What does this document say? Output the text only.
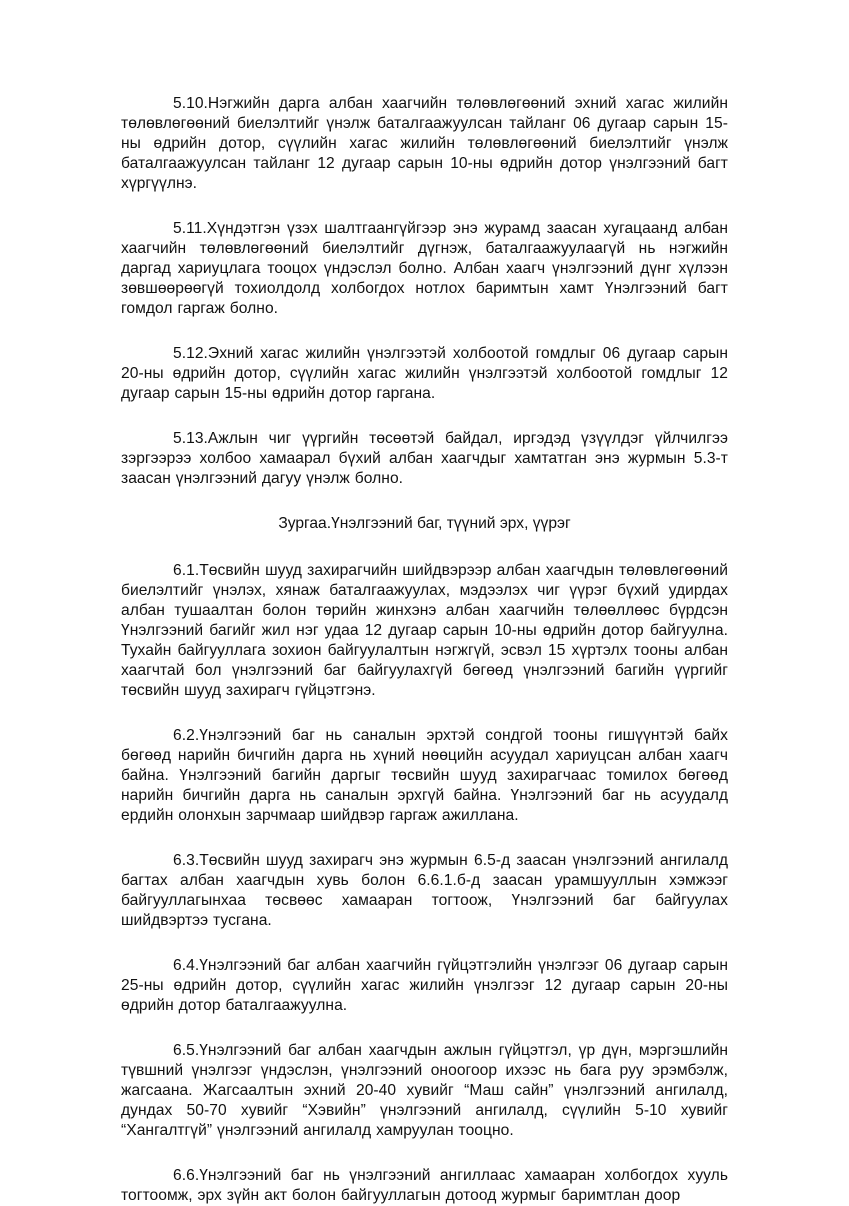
5.10.Нэгжийн дарга албан хаагчийн төлөвлөгөөний эхний хагас жилийн төлөвлөгөөний биелэлтийг үнэлж баталгаажуулсан тайланг 06 дугаар сарын 15-ны өдрийн дотор, сүүлийн хагас жилийн төлөвлөгөөний биелэлтийг үнэлж баталгаажуулсан тайланг 12 дугаар сарын 10-ны өдрийн дотор үнэлгээний багт хүргүүлнэ.

5.11.Хүндэтгэн үзэх шалтгаангүйгээр энэ журамд заасан хугацаанд албан хаагчийн төлөвлөгөөний биелэлтийг дүгнэж, баталгаажуулаагүй нь нэгжийн даргад хариуцлага тооцох үндэслэл болно. Албан хаагч үнэлгээний дүнг хүлээн зөвшөөрөөгүй тохиолдолд холбогдох нотлох баримтын хамт Үнэлгээний багт гомдол гаргаж болно.

5.12.Эхний хагас жилийн үнэлгээтэй холбоотой гомдлыг 06 дугаар сарын 20-ны өдрийн дотор, сүүлийн хагас жилийн үнэлгээтэй холбоотой гомдлыг 12 дугаар сарын 15-ны өдрийн дотор гаргана.

5.13.Ажлын чиг үүргийн төсөөтэй байдал, иргэдэд үзүүлдэг үйлчилгээ зэргээрээ холбоо хамаарал бүхий албан хаагчдыг хамтатган энэ журмын 5.3-т заасан үнэлгээний дагуу үнэлж болно.

Зургаа.Үнэлгээний баг, түүний эрх, үүрэг

6.1.Төсвийн шууд захирагчийн шийдвэрээр албан хаагчдын төлөвлөгөөний биелэлтийг үнэлэх, хянаж баталгаажуулах, мэдээлэх чиг үүрэг бүхий удирдах албан тушаалтан болон төрийн жинхэнэ албан хаагчийн төлөөллөөс бүрдсэн Үнэлгээний багийг жил нэг удаа 12 дугаар сарын 10-ны өдрийн дотор байгуулна. Тухайн байгууллага зохион байгуулалтын нэгжгүй, эсвэл 15 хүртэлх тооны албан хаагчтай бол үнэлгээний баг байгуулахгүй бөгөөд үнэлгээний багийн үүргийг төсвийн шууд захирагч гүйцэтгэнэ.

6.2.Үнэлгээний баг нь саналын эрхтэй сондгой тооны гишүүнтэй байх бөгөөд нарийн бичгийн дарга нь хүний нөөцийн асуудал хариуцсан албан хаагч байна. Үнэлгээний багийн даргыг төсвийн шууд захирагчаас томилох бөгөөд нарийн бичгийн дарга нь саналын эрхгүй байна. Үнэлгээний баг нь асуудалд ердийн олонхын зарчмаар шийдвэр гаргаж ажиллана.

6.3.Төсвийн шууд захирагч энэ журмын 6.5-д заасан үнэлгээний ангилалд багтах албан хаагчдын хувь болон 6.6.1.б-д заасан урамшууллын хэмжээг байгууллагынхаа төсвөөс хамааран тогтоож, Үнэлгээний баг байгуулах шийдвэртээ тусгана.

6.4.Үнэлгээний баг албан хаагчийн гүйцэтгэлийн үнэлгээг 06 дугаар сарын 25-ны өдрийн дотор, сүүлийн хагас жилийн үнэлгээг 12 дугаар сарын 20-ны өдрийн дотор баталгаажуулна.

6.5.Үнэлгээний баг албан хаагчдын ажлын гүйцэтгэл, үр дүн, мэргэшлийн түвшний үнэлгээг үндэслэн, үнэлгээний оноогоор ихээс нь бага руу эрэмбэлж, жагсаана. Жагсаалтын эхний 20-40 хувийг “Маш сайн” үнэлгээний ангилалд, дундах 50-70 хувийг “Хэвийн” үнэлгээний ангилалд, сүүлийн 5-10 хувийг “Хангалтгүй” үнэлгээний ангилалд хамруулан тооцно.

6.6.Үнэлгээний баг нь үнэлгээний ангиллаас хамааран холбогдох хууль тогтоомж, эрх зүйн акт болон байгууллагын дотоод журмыг баримтлан доор
